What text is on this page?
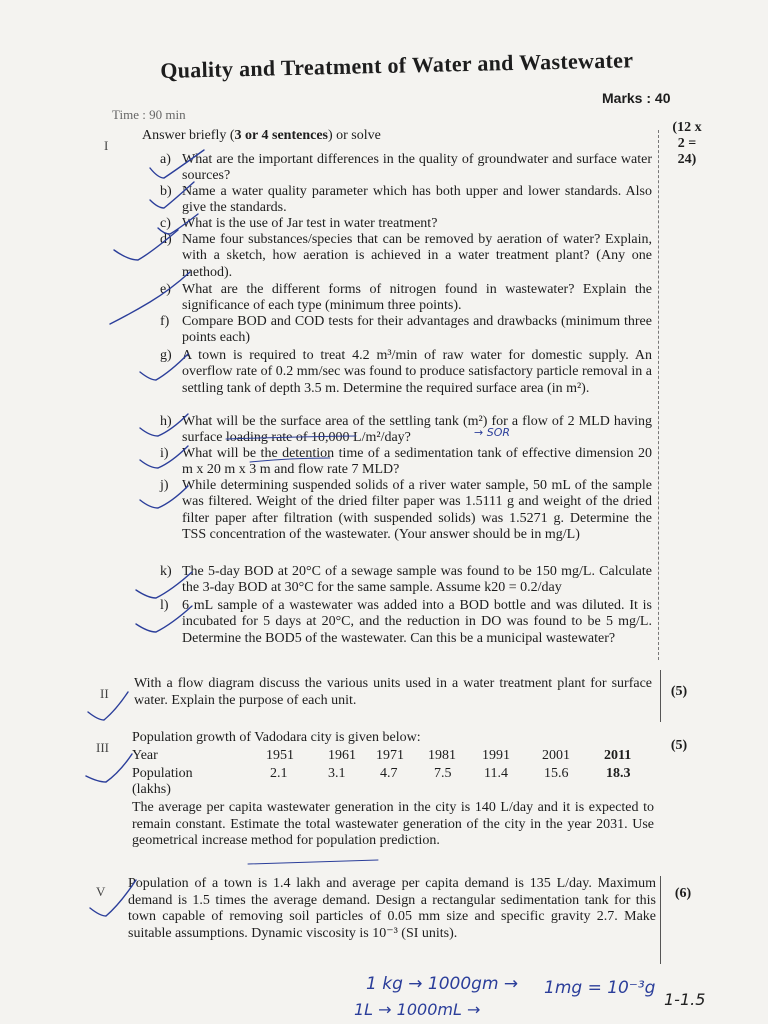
Quality and Treatment of Water and Wastewater
Marks : 40
Time : 90 min
I
Answer briefly (3 or 4 sentences) or solve
(12 x
2 =
24)
a) What are the important differences in the quality of groundwater and surface water sources?
b) Name a water quality parameter which has both upper and lower standards. Also give the standards.
c) What is the use of Jar test in water treatment?
d) Name four substances/species that can be removed by aeration of water? Explain, with a sketch, how aeration is achieved in a water treatment plant? (Any one method).
e) What are the different forms of nitrogen found in wastewater? Explain the significance of each type (minimum three points).
f) Compare BOD and COD tests for their advantages and drawbacks (minimum three points each)
g) A town is required to treat 4.2 m³/min of raw water for domestic supply. An overflow rate of 0.2 mm/sec was found to produce satisfactory particle removal in a settling tank of depth 3.5 m. Determine the required surface area (in m²).
h) What will be the surface area of the settling tank (m²) for a flow of 2 MLD having surface loading rate of 10,000 L/m²/day?
i) What will be the detention time of a sedimentation tank of effective dimension 20 m x 20 m x 3 m and flow rate 7 MLD?
j) While determining suspended solids of a river water sample, 50 mL of the sample was filtered. Weight of the dried filter paper was 1.5111 g and weight of the dried filter paper after filtration (with suspended solids) was 1.5271 g. Determine the TSS concentration of the wastewater. (Your answer should be in mg/L)
k) The 5-day BOD at 20°C of a sewage sample was found to be 150 mg/L. Calculate the 3-day BOD at 30°C for the same sample. Assume k20 = 0.2/day
l) 6 mL sample of a wastewater was added into a BOD bottle and was diluted. It is incubated for 5 days at 20°C, and the reduction in DO was found to be 5 mg/L. Determine the BOD5 of the wastewater. Can this be a municipal wastewater?
II
With a flow diagram discuss the various units used in a water treatment plant for surface water. Explain the purpose of each unit.
(5)
III
Population growth of Vadodara city is given below:
(5)
Year	1951 1961 1971 1981 1991 2001 2011
Population (lakhs)
2.1	3.1 4.7	7.5 11.4	15.6	18.3
The average per capita wastewater generation in the city is 140 L/day and it is expected to remain constant. Estimate the total wastewater generation of the city in the year 2031. Use geometrical increase method for population prediction.
V
Population of a town is 1.4 lakh and average per capita demand is 135 L/day. Maximum demand is 1.5 times the average demand. Design a rectangular sedimentation tank for this town capable of removing soil particles of 0.05 mm size and specific gravity 2.7. Make suitable assumptions. Dynamic viscosity is 10⁻³ (SI units).
(6)
→ SOR
1 kg → 1000gm →
1L → 1000mL →
1mg = 10⁻³g
1-1.5
